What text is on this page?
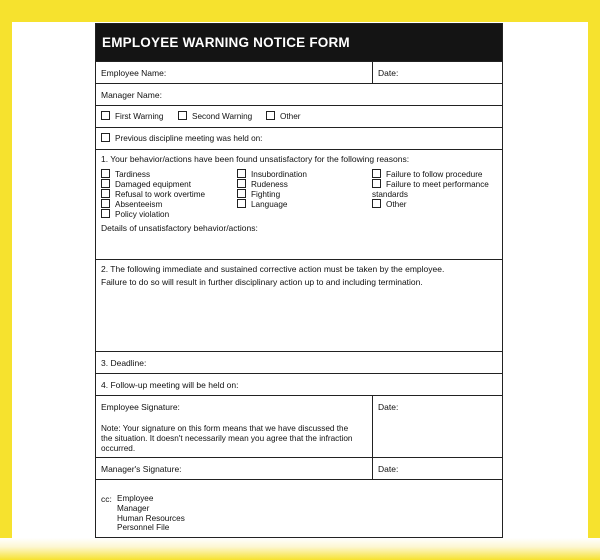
EMPLOYEE WARNING NOTICE FORM
Employee Name:	Date:
Manager Name:
First Warning	Second Warning	Other
Previous discipline meeting was held on:
1. Your behavior/actions have been found unsatisfactory for the following reasons:
Tardiness
Damaged equipment
Refusal to work overtime
Absenteeism
Policy violation
Insubordination
Rudeness
Fighting
Language
Failure to follow procedure
Failure to meet performance
standards
Other
Details of unsatisfactory behavior/actions:
2. The following immediate and sustained corrective action must be taken by the employee.
Failure to do so will result in further disciplinary action up to and including termination.
3. Deadline:
4. Follow-up meeting will be held on:
Employee Signature:
Note: Your signature on this form means that we have discussed the
the situation. It doesn't necessarily mean you agree that the infraction
occurred.
Date:
Manager's Signature:	Date:
cc: Employee
Manager
Human Resources
Personnel File
